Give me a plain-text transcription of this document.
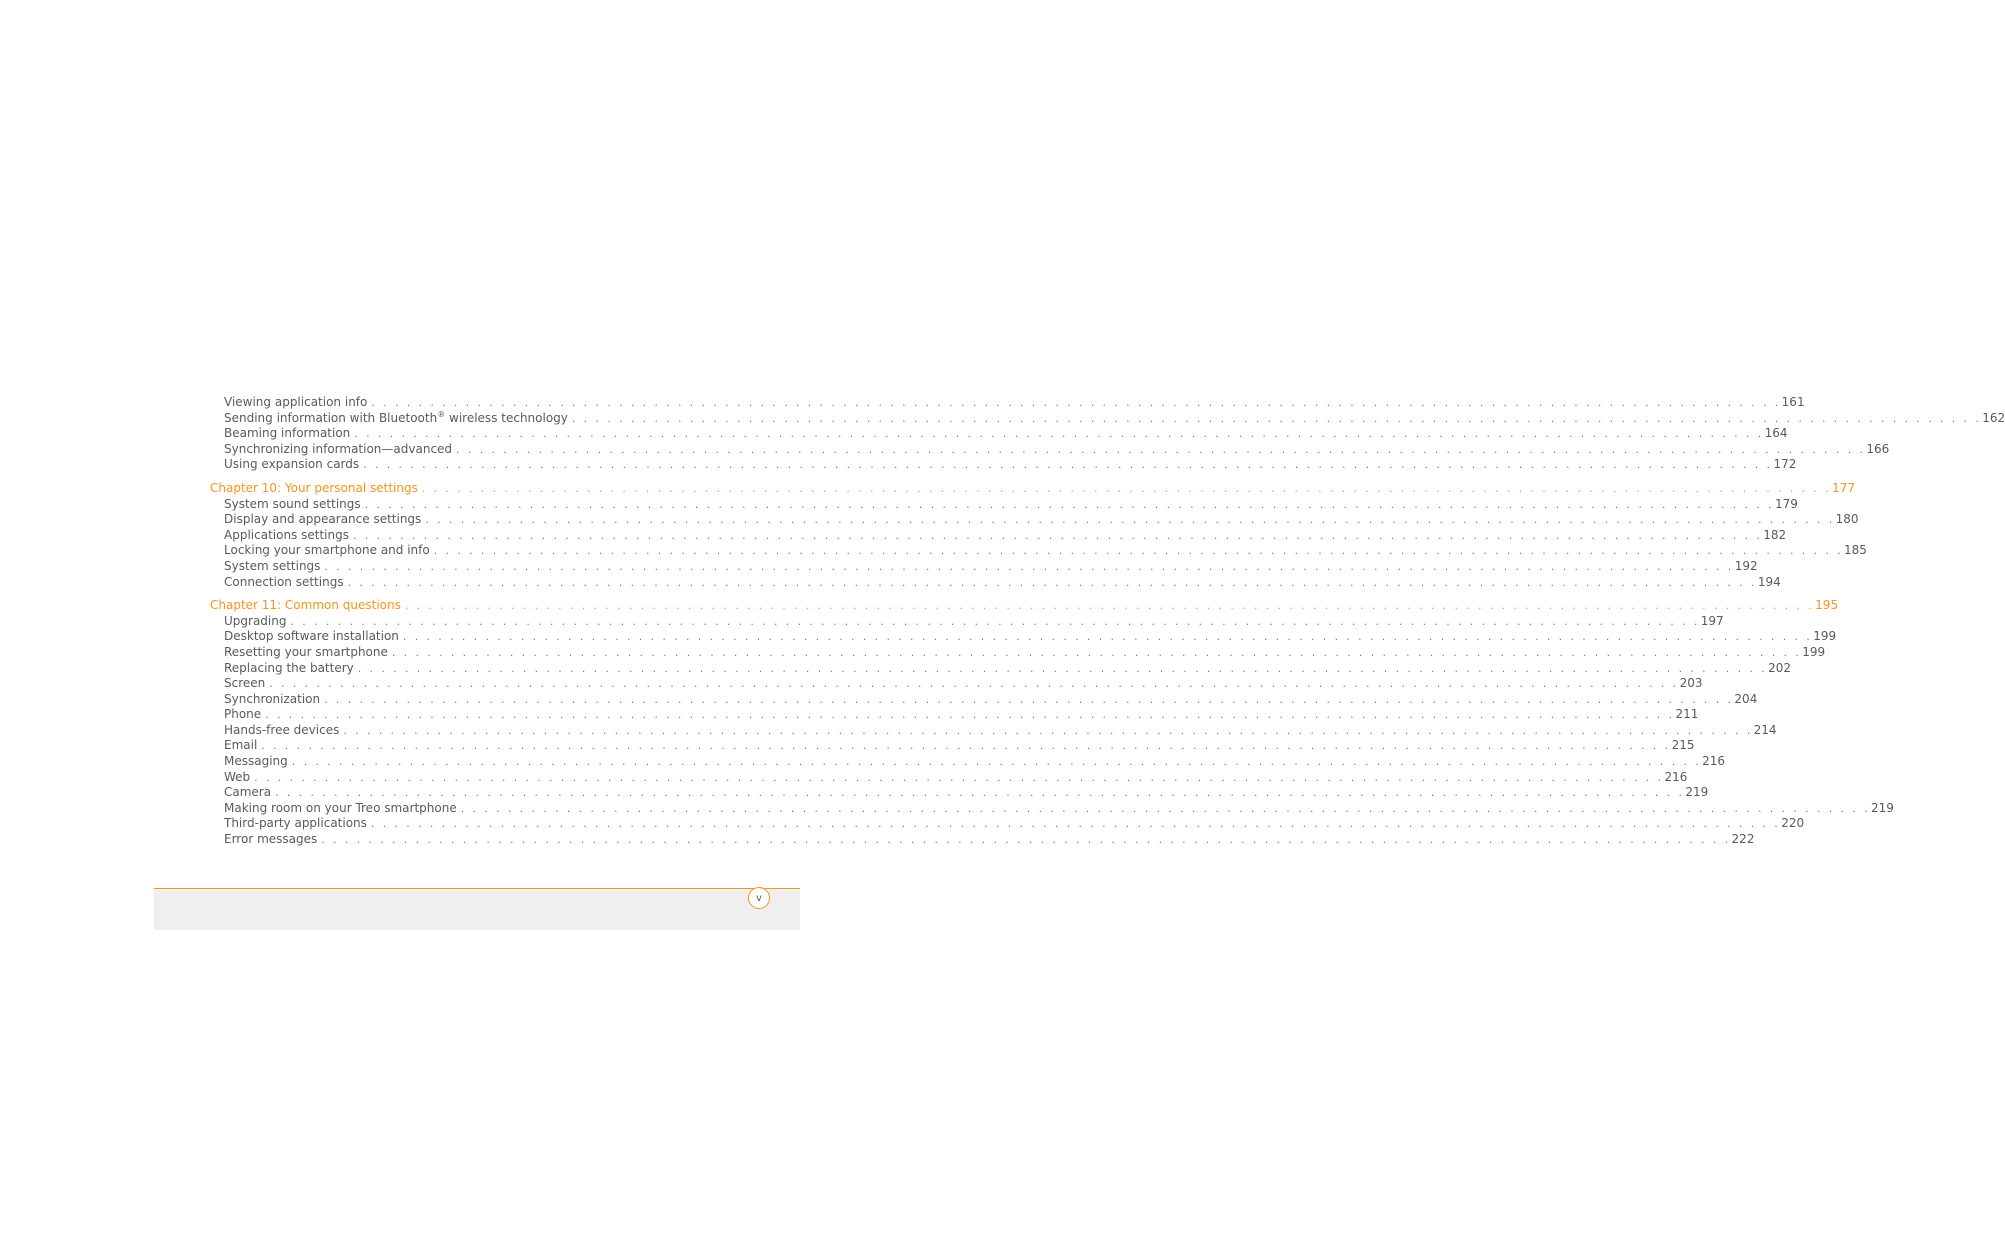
Viewing application info . . . . . . . . . . . . . . . . . . . . . . . . . . . . . . . . . . . . . . . . . . . . . . . . . . . . . . . . . . . . . . . . . . . . . . . . . . . . . . . . . . . . . . . . . . . . . . . . . . . . . . . . . . . . . . . . . . . . . . . . 161
Sending information with Bluetooth® wireless technology . . . . . . . . . . . . . . . . . . . . . . . . . . . . . . . . . . . . . . . . . . . . . . . . . . . . . . . . . . . . . . . . . . . . . . . . . . . . . . . . . . . . . . . . . . . . . . . . . . . . . . . . . . . . . . . . . . . . . . . . 162
Beaming information . . . . . . . . . . . . . . . . . . . . . . . . . . . . . . . . . . . . . . . . . . . . . . . . . . . . . . . . . . . . . . . . . . . . . . . . . . . . . . . . . . . . . . . . . . . . . . . . . . . . . . . . . . . . . . . . . . . . . . . . 164
Synchronizing information—advanced . . . . . . . . . . . . . . . . . . . . . . . . . . . . . . . . . . . . . . . . . . . . . . . . . . . . . . . . . . . . . . . . . . . . . . . . . . . . . . . . . . . . . . . . . . . . . . . . . . . . . . . . . . . . . . . . . . . . . . . . 166
Using expansion cards . . . . . . . . . . . . . . . . . . . . . . . . . . . . . . . . . . . . . . . . . . . . . . . . . . . . . . . . . . . . . . . . . . . . . . . . . . . . . . . . . . . . . . . . . . . . . . . . . . . . . . . . . . . . . . . . . . . . . . . . 172
Chapter 10: Your personal settings . . . . . . . . . . . . . . . . . . . . . . . . . . . . . . . . . . . . . . . . . . . . . . . . . . . . . . . . . . . . . . . . . . . . . . . . . . . . . . . . . . . . . . . . . . . . . . . . . . . . . . . . . . . . . . . . . . . . . . . . 177
System sound settings . . . . . . . . . . . . . . . . . . . . . . . . . . . . . . . . . . . . . . . . . . . . . . . . . . . . . . . . . . . . . . . . . . . . . . . . . . . . . . . . . . . . . . . . . . . . . . . . . . . . . . . . . . . . . . . . . . . . . . . . 179
Display and appearance settings . . . . . . . . . . . . . . . . . . . . . . . . . . . . . . . . . . . . . . . . . . . . . . . . . . . . . . . . . . . . . . . . . . . . . . . . . . . . . . . . . . . . . . . . . . . . . . . . . . . . . . . . . . . . . . . . . . . . . . . . 180
Applications settings . . . . . . . . . . . . . . . . . . . . . . . . . . . . . . . . . . . . . . . . . . . . . . . . . . . . . . . . . . . . . . . . . . . . . . . . . . . . . . . . . . . . . . . . . . . . . . . . . . . . . . . . . . . . . . . . . . . . . . . . 182
Locking your smartphone and info . . . . . . . . . . . . . . . . . . . . . . . . . . . . . . . . . . . . . . . . . . . . . . . . . . . . . . . . . . . . . . . . . . . . . . . . . . . . . . . . . . . . . . . . . . . . . . . . . . . . . . . . . . . . . . . . . . . . . . . . 185
System settings . . . . . . . . . . . . . . . . . . . . . . . . . . . . . . . . . . . . . . . . . . . . . . . . . . . . . . . . . . . . . . . . . . . . . . . . . . . . . . . . . . . . . . . . . . . . . . . . . . . . . . . . . . . . . . . . . . . . . . . . 192
Connection settings . . . . . . . . . . . . . . . . . . . . . . . . . . . . . . . . . . . . . . . . . . . . . . . . . . . . . . . . . . . . . . . . . . . . . . . . . . . . . . . . . . . . . . . . . . . . . . . . . . . . . . . . . . . . . . . . . . . . . . . . 194
Chapter 11: Common questions . . . . . . . . . . . . . . . . . . . . . . . . . . . . . . . . . . . . . . . . . . . . . . . . . . . . . . . . . . . . . . . . . . . . . . . . . . . . . . . . . . . . . . . . . . . . . . . . . . . . . . . . . . . . . . . . . . . . . . . . 195
Upgrading . . . . . . . . . . . . . . . . . . . . . . . . . . . . . . . . . . . . . . . . . . . . . . . . . . . . . . . . . . . . . . . . . . . . . . . . . . . . . . . . . . . . . . . . . . . . . . . . . . . . . . . . . . . . . . . . . . . . . . . . 197
Desktop software installation . . . . . . . . . . . . . . . . . . . . . . . . . . . . . . . . . . . . . . . . . . . . . . . . . . . . . . . . . . . . . . . . . . . . . . . . . . . . . . . . . . . . . . . . . . . . . . . . . . . . . . . . . . . . . . . . . . . . . . . . 199
Resetting your smartphone . . . . . . . . . . . . . . . . . . . . . . . . . . . . . . . . . . . . . . . . . . . . . . . . . . . . . . . . . . . . . . . . . . . . . . . . . . . . . . . . . . . . . . . . . . . . . . . . . . . . . . . . . . . . . . . . . . . . . . . . 199
Replacing the battery . . . . . . . . . . . . . . . . . . . . . . . . . . . . . . . . . . . . . . . . . . . . . . . . . . . . . . . . . . . . . . . . . . . . . . . . . . . . . . . . . . . . . . . . . . . . . . . . . . . . . . . . . . . . . . . . . . . . . . . . 202
Screen . . . . . . . . . . . . . . . . . . . . . . . . . . . . . . . . . . . . . . . . . . . . . . . . . . . . . . . . . . . . . . . . . . . . . . . . . . . . . . . . . . . . . . . . . . . . . . . . . . . . . . . . . . . . . . . . . . . . . . . . 203
Synchronization . . . . . . . . . . . . . . . . . . . . . . . . . . . . . . . . . . . . . . . . . . . . . . . . . . . . . . . . . . . . . . . . . . . . . . . . . . . . . . . . . . . . . . . . . . . . . . . . . . . . . . . . . . . . . . . . . . . . . . . . 204
Phone . . . . . . . . . . . . . . . . . . . . . . . . . . . . . . . . . . . . . . . . . . . . . . . . . . . . . . . . . . . . . . . . . . . . . . . . . . . . . . . . . . . . . . . . . . . . . . . . . . . . . . . . . . . . . . . . . . . . . . . . 211
Hands-free devices . . . . . . . . . . . . . . . . . . . . . . . . . . . . . . . . . . . . . . . . . . . . . . . . . . . . . . . . . . . . . . . . . . . . . . . . . . . . . . . . . . . . . . . . . . . . . . . . . . . . . . . . . . . . . . . . . . . . . . . . 214
Email . . . . . . . . . . . . . . . . . . . . . . . . . . . . . . . . . . . . . . . . . . . . . . . . . . . . . . . . . . . . . . . . . . . . . . . . . . . . . . . . . . . . . . . . . . . . . . . . . . . . . . . . . . . . . . . . . . . . . . . . 215
Messaging . . . . . . . . . . . . . . . . . . . . . . . . . . . . . . . . . . . . . . . . . . . . . . . . . . . . . . . . . . . . . . . . . . . . . . . . . . . . . . . . . . . . . . . . . . . . . . . . . . . . . . . . . . . . . . . . . . . . . . . . 216
Web . . . . . . . . . . . . . . . . . . . . . . . . . . . . . . . . . . . . . . . . . . . . . . . . . . . . . . . . . . . . . . . . . . . . . . . . . . . . . . . . . . . . . . . . . . . . . . . . . . . . . . . . . . . . . . . . . . . . . . . . 216
Camera . . . . . . . . . . . . . . . . . . . . . . . . . . . . . . . . . . . . . . . . . . . . . . . . . . . . . . . . . . . . . . . . . . . . . . . . . . . . . . . . . . . . . . . . . . . . . . . . . . . . . . . . . . . . . . . . . . . . . . . . 219
Making room on your Treo smartphone . . . . . . . . . . . . . . . . . . . . . . . . . . . . . . . . . . . . . . . . . . . . . . . . . . . . . . . . . . . . . . . . . . . . . . . . . . . . . . . . . . . . . . . . . . . . . . . . . . . . . . . . . . . . . . . . . . . . . . . . 219
Third-party applications . . . . . . . . . . . . . . . . . . . . . . . . . . . . . . . . . . . . . . . . . . . . . . . . . . . . . . . . . . . . . . . . . . . . . . . . . . . . . . . . . . . . . . . . . . . . . . . . . . . . . . . . . . . . . . . . . . . . . . . . 220
Error messages . . . . . . . . . . . . . . . . . . . . . . . . . . . . . . . . . . . . . . . . . . . . . . . . . . . . . . . . . . . . . . . . . . . . . . . . . . . . . . . . . . . . . . . . . . . . . . . . . . . . . . . . . . . . . . . . . . . . . . . . 222
v
